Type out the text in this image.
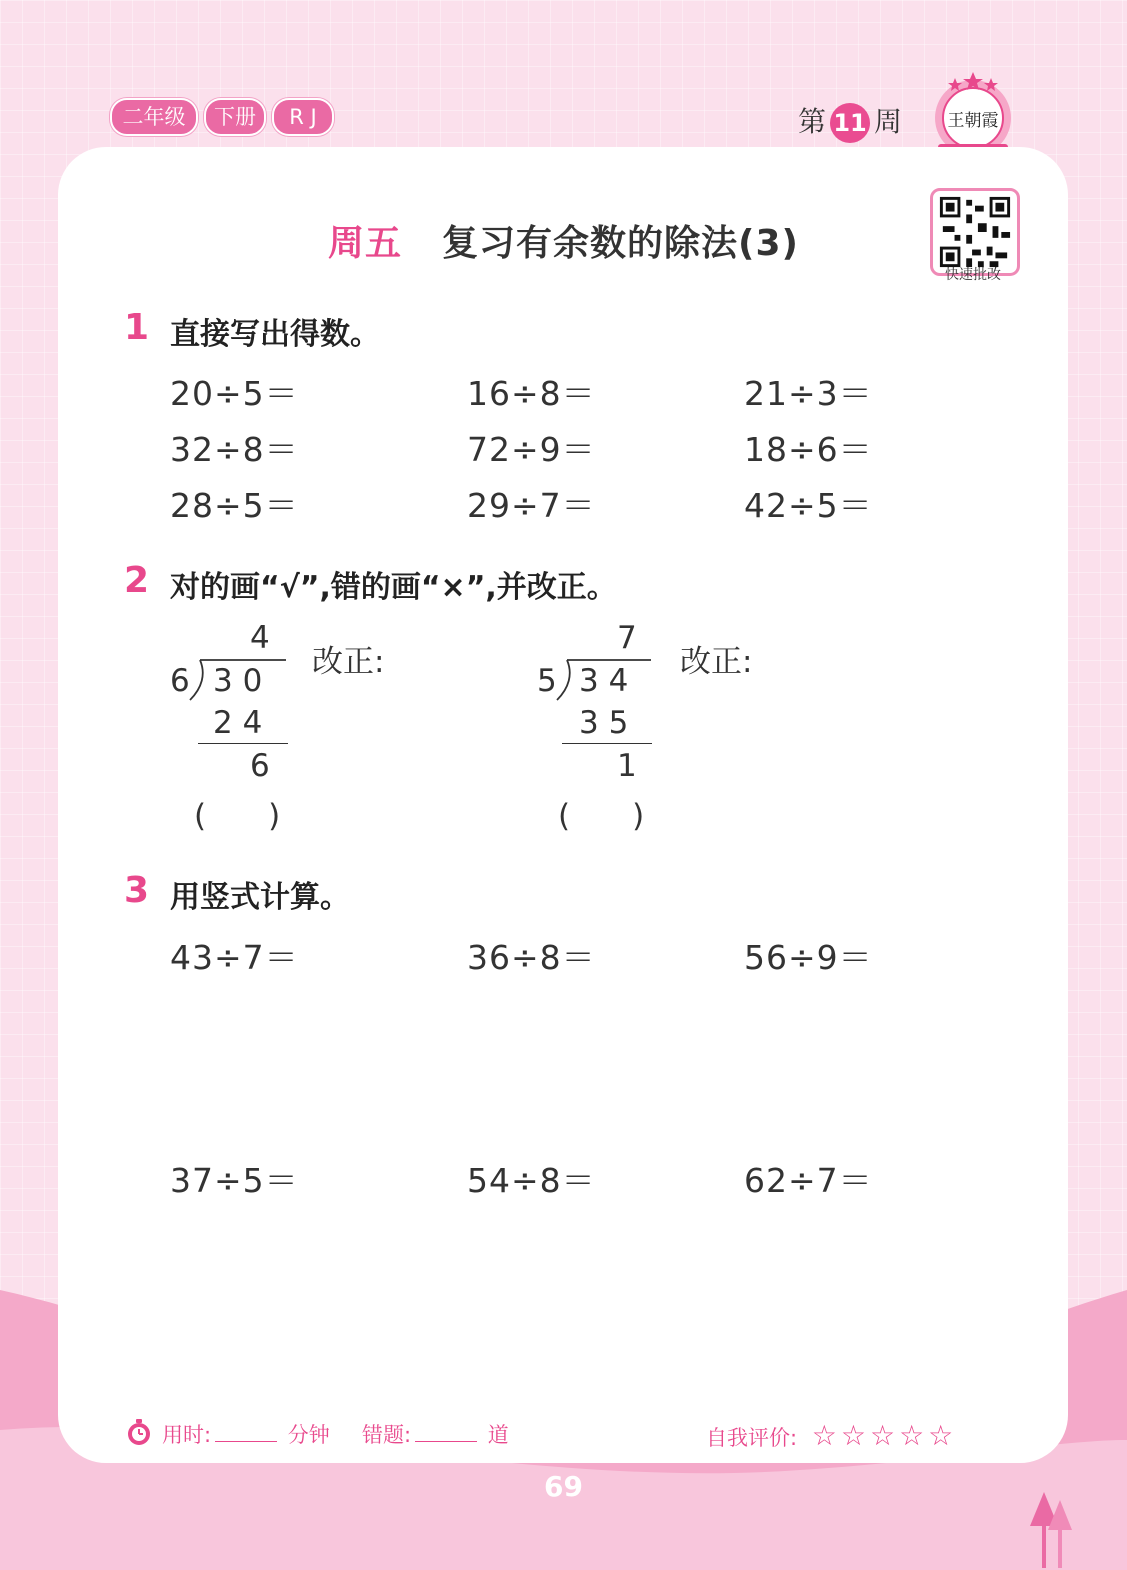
二年级	下册	R J	第 11 周	王朝霞
周五 复习有余数的除法(3)
快速批改
1 直接写出得数。
20÷5＝	16÷8＝	21÷3＝
32÷8＝	72÷9＝	18÷6＝
28÷5＝	29÷7＝	42÷5＝
2 对的画“√”,错的画“×”,并改正。
4
6 3 0
2 4
6
(　　)
改正:
7
5 3 4
3 5
1
(　　)
改正:
3 用竖式计算。
43÷7＝	36÷8＝	56÷9＝
37÷5＝	54÷8＝	62÷7＝
用时:	分钟 错题:	道	自我评价: ☆☆☆☆☆
69
